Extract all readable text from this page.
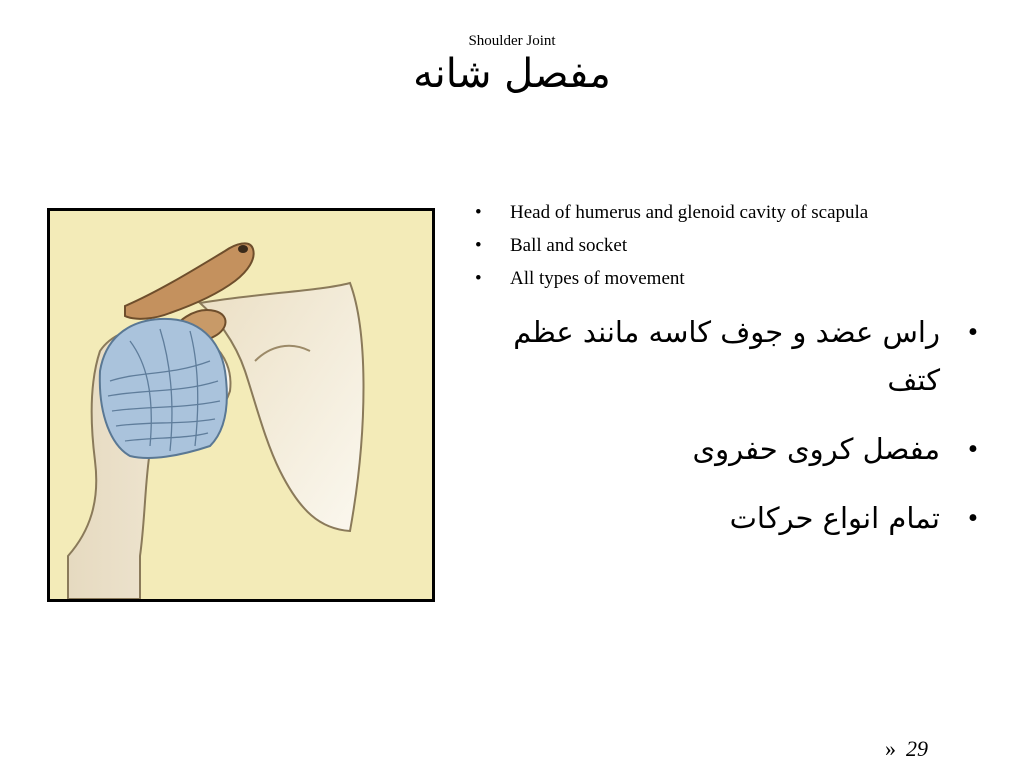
Shoulder Joint
مفصل شانه
• Head of humerus and glenoid cavity of scapula
• Ball and socket
• All types of movement
• راس عضد و جوف کاسه مانند عظم کتف
• مفصل کروی حفروی
• تمام انواع حرکات
» 29
